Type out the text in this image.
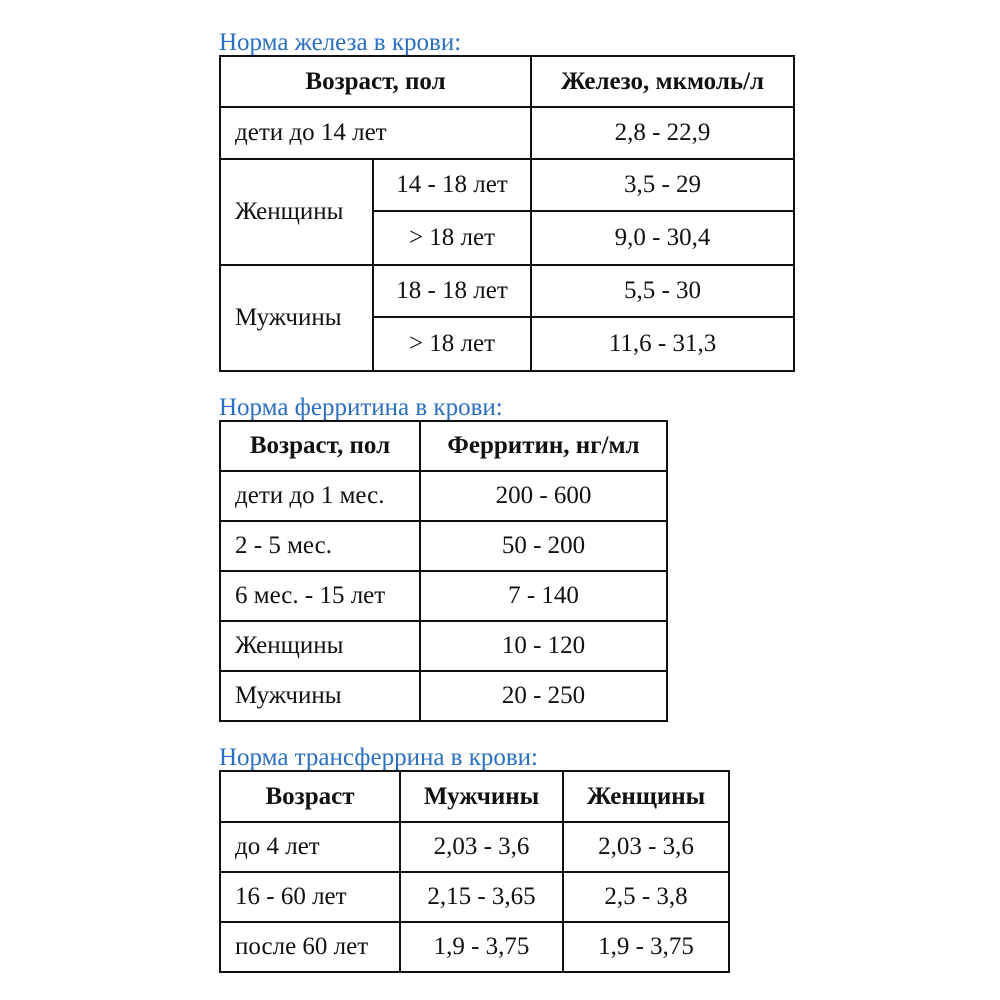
Норма железа в крови:
Возраст, пол		Железо, мкмоль/л
дети до 14 лет		2,8 - 22,9
Женщины	14 - 18 лет	3,5 - 29
	> 18 лет	9,0 - 30,4
Мужчины	18 - 18 лет	5,5 - 30
	> 18 лет	11,6 - 31,3
Норма ферритина в крови:
Возраст, пол	Ферритин, нг/мл
дети до 1 мес.	200 - 600
2 - 5 мес.	50 - 200
6 мес. - 15 лет	7 - 140
Женщины	10 - 120
Мужчины	20 - 250
Норма трансферрина в крови:
Возраст	Мужчины	Женщины
до 4 лет	2,03 - 3,6	2,03 - 3,6
16 - 60 лет	2,15 - 3,65	2,5 - 3,8
после 60 лет	1,9 - 3,75	1,9 - 3,75
